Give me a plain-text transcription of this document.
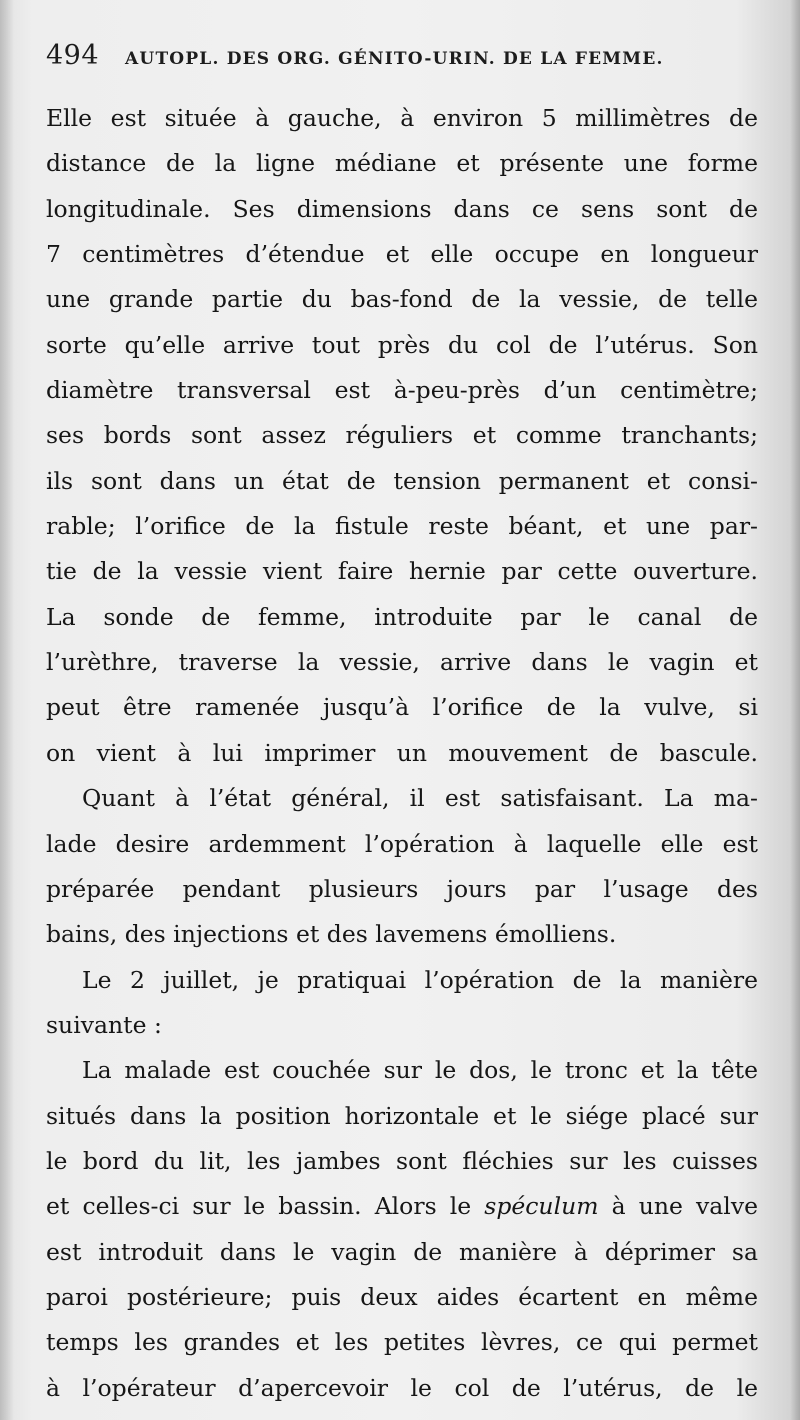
494 AUTOPL. DES ORG. GÉNITO-URIN. DE LA FEMME.
Elle est située à gauche, à environ 5 millimètres de
distance de la ligne médiane et présente une forme
longitudinale. Ses dimensions dans ce sens sont de
7 centimètres d’étendue et elle occupe en longueur
une grande partie du bas-fond de la vessie, de telle
sorte qu’elle arrive tout près du col de l’utérus. Son
diamètre transversal est à-peu-près d’un centimètre;
ses bords sont assez réguliers et comme tranchants;
ils sont dans un état de tension permanent et consi-
rable; l’orifice de la fistule reste béant, et une par-
tie de la vessie vient faire hernie par cette ouverture.
La sonde de femme, introduite par le canal de
l’urèthre, traverse la vessie, arrive dans le vagin et
peut être ramenée jusqu’à l’orifice de la vulve, si
on vient à lui imprimer un mouvement de bascule.
Quant à l’état général, il est satisfaisant. La ma-
lade desire ardemment l’opération à laquelle elle est
préparée pendant plusieurs jours par l’usage des
bains, des injections et des lavemens émolliens.
Le 2 juillet, je pratiquai l’opération de la manière
suivante :
La malade est couchée sur le dos, le tronc et la tête
situés dans la position horizontale et le siége placé sur
le bord du lit, les jambes sont fléchies sur les cuisses
et celles-ci sur le bassin. Alors le spéculum à une valve
est introduit dans le vagin de manière à déprimer sa
paroi postérieure; puis deux aides écartent en même
temps les grandes et les petites lèvres, ce qui permet
à l’opérateur d’apercevoir le col de l’utérus, de le
